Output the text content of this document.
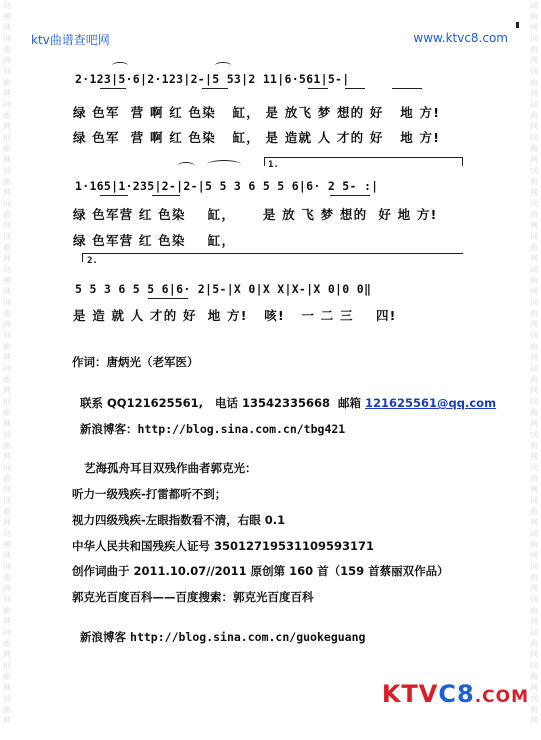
词
曲
网
词
曲
网
词
曲
网
词
曲
网
词
曲
网
词
曲
网
词
曲
网
词
曲
网
词
曲
网
词
曲
网
词
曲
网
词
曲
网
词
曲
网
词
曲
网
词
曲
网
词
曲
网
词
曲
网
词
曲
网
词
曲
网
词
曲
网
词
曲
网
词
曲
网
词
曲
网
词
曲
网
词
曲
网
词
曲
网
词
曲
网
词
曲
网
词
曲
网
词
曲
网
词
曲
网
词
曲
网
词
曲
网
词
曲
网
词
曲
网
词
曲
网
词
曲
网
词
曲
网
词
曲
网
词
曲
网
词
曲
网
词
曲
网
词
曲
网
词
曲
网
ktv曲谱查吧网	www.ktvc8.com
2·123|5·6|2·123|2-|5 53|2 11|6·561|5-|
绿 色军  营 啊 红 色染   缸， 是 放飞 梦 想的 好   地 方!
绿 色军  营 啊 红 色染   缸， 是 造就 人 才的 好   地 方!
1.
1·165|1·235|2-|2-|5 5 3 6 5 5 6|6· 2 5- :|
绿 色军营 红 色染    缸，     是 放 飞 梦 想的  好 地 方!
绿 色军营 红 色染    缸，
2.
5 5 3 6 5 5 6|6· 2|5-|X 0|X X|X-|X 0|0 0‖
是 造 就 人 才的 好  地 方!   咳!   一 二 三    四!
作词：唐炳光（老军医）

联系 QQ121625561,   电话 13542335668  邮箱 121625561@qq.com

新浪博客：http://blog.sina.com.cn/tbg421

艺海孤舟耳目双残作曲者郭克光：
听力一级残疾-打雷都听不到；
视力四级残疾-左眼指数看不清，右眼 0.1
中华人民共和国残疾人证号 35012719531109593171
创作词曲于 2011.10.07//2011 原创第 160 首（159 首蔡丽双作品）
郭克光百度百科——百度搜索：郭克光百度百科

新浪博客 http://blog.sina.com.cn/guokeguang

KTVC8.COM
